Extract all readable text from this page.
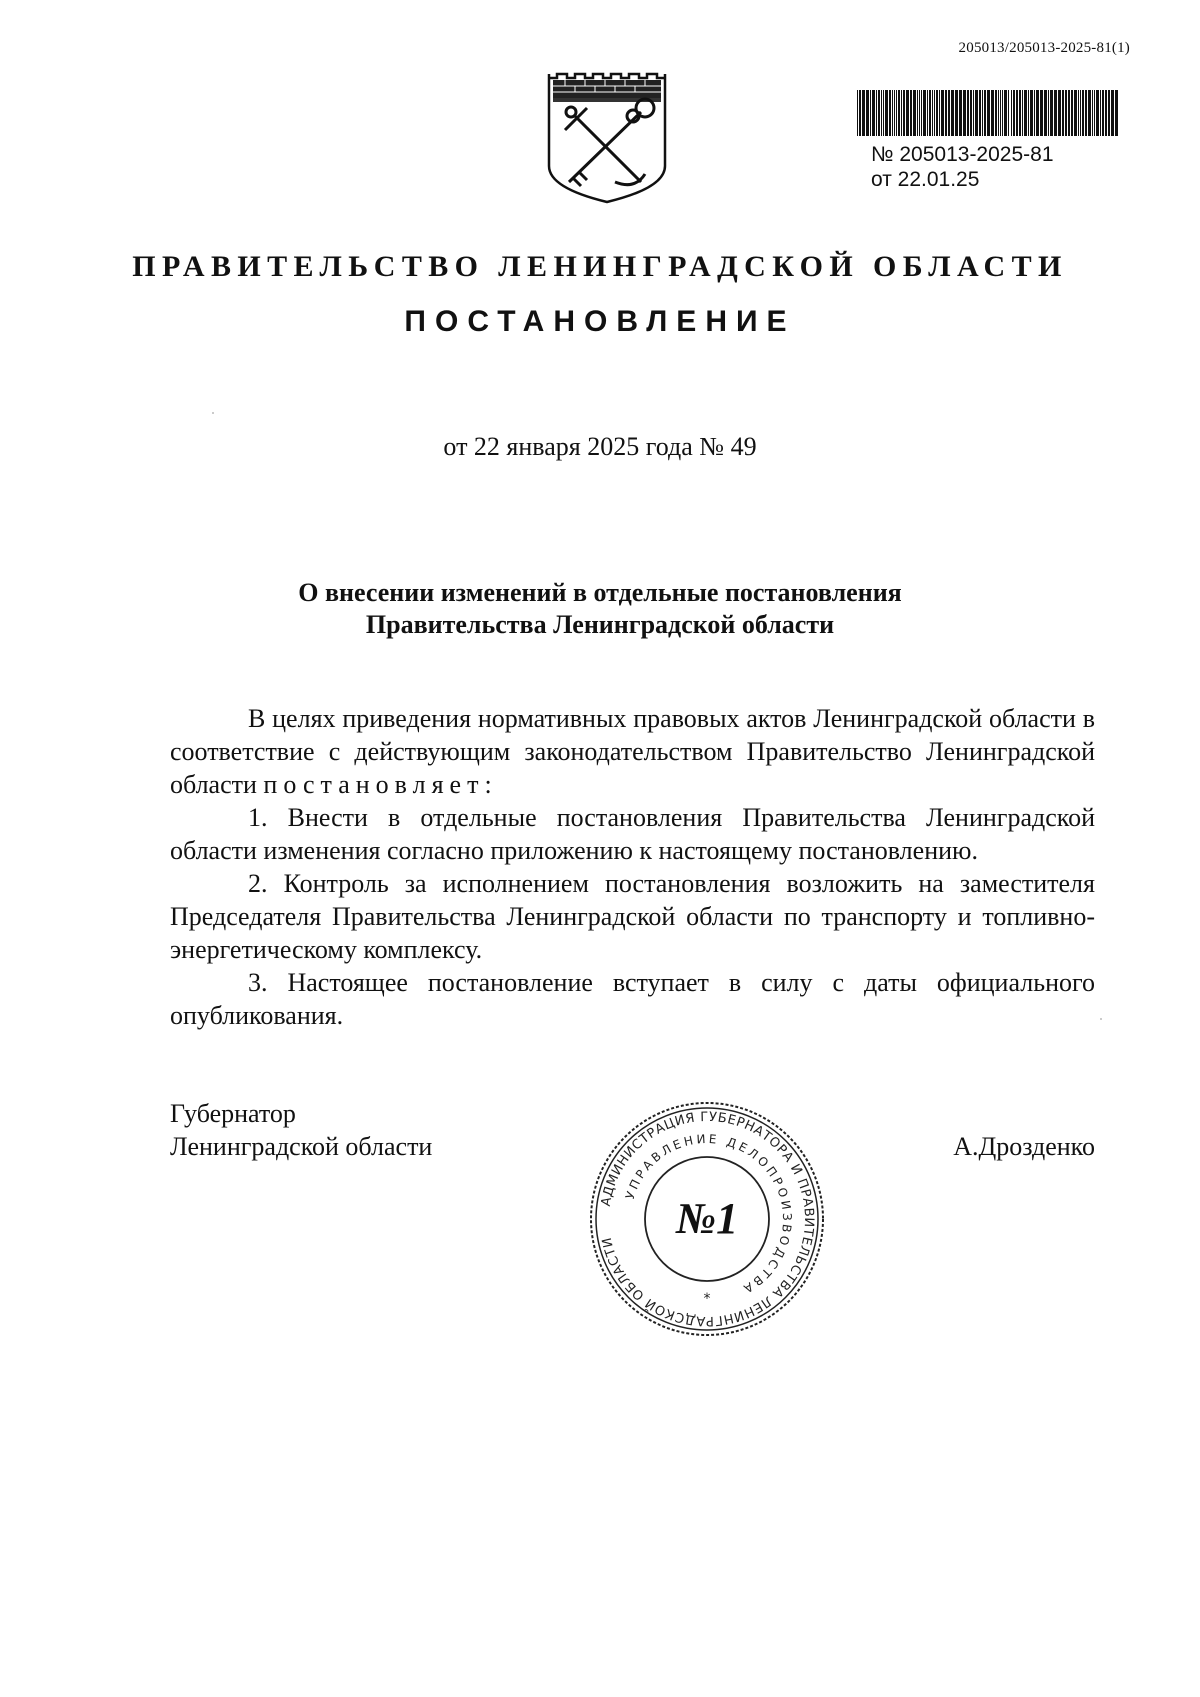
205013/205013-2025-81(1)
№ 205013-2025-81
от 22.01.25
ПРАВИТЕЛЬСТВО ЛЕНИНГРАДСКОЙ ОБЛАСТИ
ПОСТАНОВЛЕНИЕ
от 22 января 2025 года № 49
О внесении изменений в отдельные постановления
Правительства Ленинградской области

В целях приведения нормативных правовых актов Ленинградской области в соответствие с действующим законодательством Правительство Ленинградской области постановляет:

1. Внести в отдельные постановления Правительства Ленинградской области изменения согласно приложению к настоящему постановлению.

2. Контроль за исполнением постановления возложить на заместителя Председателя Правительства Ленинградской области по транспорту и топливно-энергетическому комплексу.

3. Настоящее постановление вступает в силу с даты официального опубликования.

Губернатор
Ленинградской области	А.Дрозденко
АДМИНИСТРАЦИЯ ГУБЕРНАТОРА И ПРАВИТЕЛЬСТВА ЛЕНИНГРАДСКОЙ ОБЛАСТИ
УПРАВЛЕНИЕ ДЕЛОПРОИЗВОДСТВА
№1
*
